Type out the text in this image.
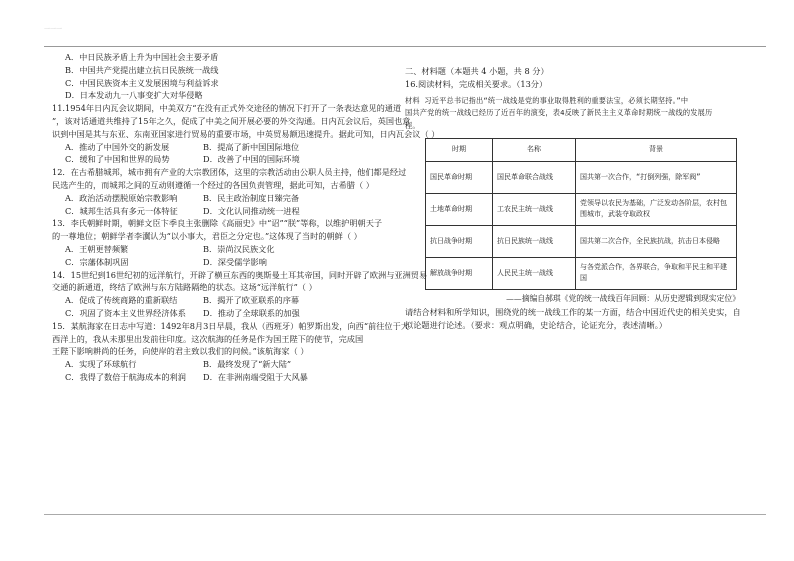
一一一
A．中日民族矛盾上升为中国社会主要矛盾
B．中国共产党提出建立抗日民族统一战线
C．中国民族资本主义发展困境与利益诉求
D．日本发动九一八事变扩大对华侵略
11.1954年日内瓦会议期间，中美双方“在没有正式外交途径的情况下打开了一条表达意见的通道
”，该对话通道共维持了15年之久，促成了中美之间开展必要的外交沟通。日内瓦会议后，英国也意
识到中国是其与东亚、东南亚国家进行贸易的重要市场，中英贸易额迅速提升。据此可知，日内瓦会议（ ）
A．推动了中国外交的新发展	B．提高了新中国国际地位
C．缓和了中国和世界的局势	D．改善了中国的国际环境
12．在古希腊城邦，城市拥有产业的大宗教团体，这里的宗教活动由公职人员主持，他们都是经过
民选产生的，而城邦之间的互动则遵循一个经过的各国负责管理，据此可知，古希腊（ ）
A．政治活动摆脱原始宗教影响	B．民主政治制度日臻完备
C．城邦生活具有多元一体特征	D．文化认同推动统一进程
13．李氏朝鲜时期，朝鲜文臣卞季良主张删除《高丽史》中“诏”“朕”等称，以维护明朝天子
的一尊地位；朝鲜学者李瀷认为“以小事大，君臣之分定也。”这体现了当时的朝鲜（ ）
A．王朝更替频繁	B．崇尚汉民族文化
C．宗藩体制巩固	D．深受儒学影响
14．15世纪到16世纪初的远洋航行，开辟了横亘东西的奥斯曼土耳其帝国，同时开辟了欧洲与亚洲贸易
交通的新通道，终结了欧洲与东方陆路隔绝的状态。这场“远洋航行”（ ）
A．促成了传统商路的重新联结	B．揭开了欧亚联系的序幕
C．巩固了资本主义世界经济体系	D．推动了全球联系的加强
15．某航海家在日志中写道：1492年8月3日早晨，我从（西班牙）帕罗斯出发，向西“前往位于大
西洋上的，我从未那里出发前往印度。这次航海的任务是作为国王陛下的使节，完成国
王陛下影响耕尚的任务，向使岸的君主致以我们的问候。”该航海家（ ）
A．实现了环球航行	B．最终发现了“新大陆”
C．我得了数倍于航海成本的利润	D．在非洲南端受阻于大风暴
二、材料题（本题共 4 小题，共 8 分）
16.阅读材料，完成相关要求。（13分）
材料 习近平总书记指出“统一战线是党的事业取得胜利的重要法宝，必须长期坚持。”中
国共产党的统一战线已经历了近百年的演变，表4反映了新民主主义革命时期统一战线的发展历
程。
时期	名称	背景
国民革命时期	国民革命联合战线	国共第一次合作，“打倒列强，除军阀”
土地革命时期	工农民主统一战线	党领导以农民为基础，广泛发动各阶层，农村包围城市，武装夺取政权
抗日战争时期	抗日民族统一战线	国共第二次合作，全民族抗战，抗击日本侵略
解放战争时期	人民民主统一战线	与各党派合作，各界联合，争取和平民主和平建国
——摘编自郝琪《党的统一战线百年回顾：从历史逻辑到现实定位》
请结合材料和所学知识，围绕党的统一战线工作的某一方面，结合中国近代史的相关史实，自
拟论题进行论述。（要求：观点明确，史论结合，论证充分，表述清晰。）
